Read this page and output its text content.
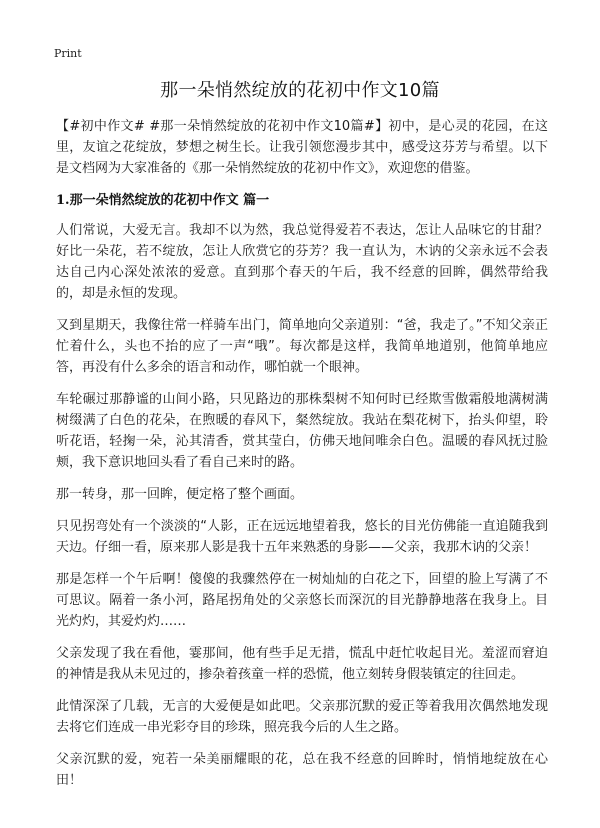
Print
那一朵悄然绽放的花初中作文10篇

【#初中作文# #那一朵悄然绽放的花初中作文10篇#】初中，是心灵的花园，在这里，友谊之花绽放，梦想之树生长。让我引领您漫步其中，感受这芬芳与希望。以下是文档网为大家准备的《那一朵悄然绽放的花初中作文》，欢迎您的借鉴。

1.那一朵悄然绽放的花初中作文 篇一

人们常说，大爱无言。我却不以为然，我总觉得爱若不表达，怎让人品味它的甘甜？好比一朵花，若不绽放，怎让人欣赏它的芬芳？我一直认为，木讷的父亲永远不会表达自己内心深处浓浓的爱意。直到那个春天的午后，我不经意的回眸，偶然带给我的，却是永恒的发现。

又到星期天，我像往常一样骑车出门，简单地向父亲道别：“爸，我走了。”不知父亲正忙着什么，头也不抬的应了一声“哦”。每次都是这样，我简单地道别，他简单地应答，再没有什么多余的语言和动作，哪怕就一个眼神。

车轮碾过那静谧的山间小路，只见路边的那株梨树不知何时已经欺雪傲霜般地满树满树缀满了白色的花朵，在煦暖的春风下，粲然绽放。我站在梨花树下，抬头仰望，聆听花语，轻掬一朵，沁其清香，赏其莹白，仿佛天地间唯余白色。温暖的春风抚过脸颊，我下意识地回头看了看自己来时的路。

那一转身，那一回眸，便定格了整个画面。

只见拐弯处有一个淡淡的“人影，正在远远地望着我，悠长的目光仿佛能一直追随我到天边。仔细一看，原来那人影是我十五年来熟悉的身影——父亲，我那木讷的父亲！

那是怎样一个午后啊！傻傻的我骤然停在一树灿灿的白花之下，回望的脸上写满了不可思议。隔着一条小河，路尾拐角处的父亲悠长而深沉的目光静静地落在我身上。目光灼灼，其爱灼灼……

父亲发现了我在看他，霎那间，他有些手足无措，慌乱中赶忙收起目光。羞涩而窘迫的神情是我从未见过的，掺杂着孩童一样的恐慌，他立刻转身假装镇定的往回走。

此情深深了几载，无言的大爱便是如此吧。父亲那沉默的爱正等着我用次偶然地发现去将它们连成一串光彩夺目的珍珠，照亮我今后的人生之路。

父亲沉默的爱，宛若一朵美丽耀眼的花，总在我不经意的回眸时，悄悄地绽放在心田！
